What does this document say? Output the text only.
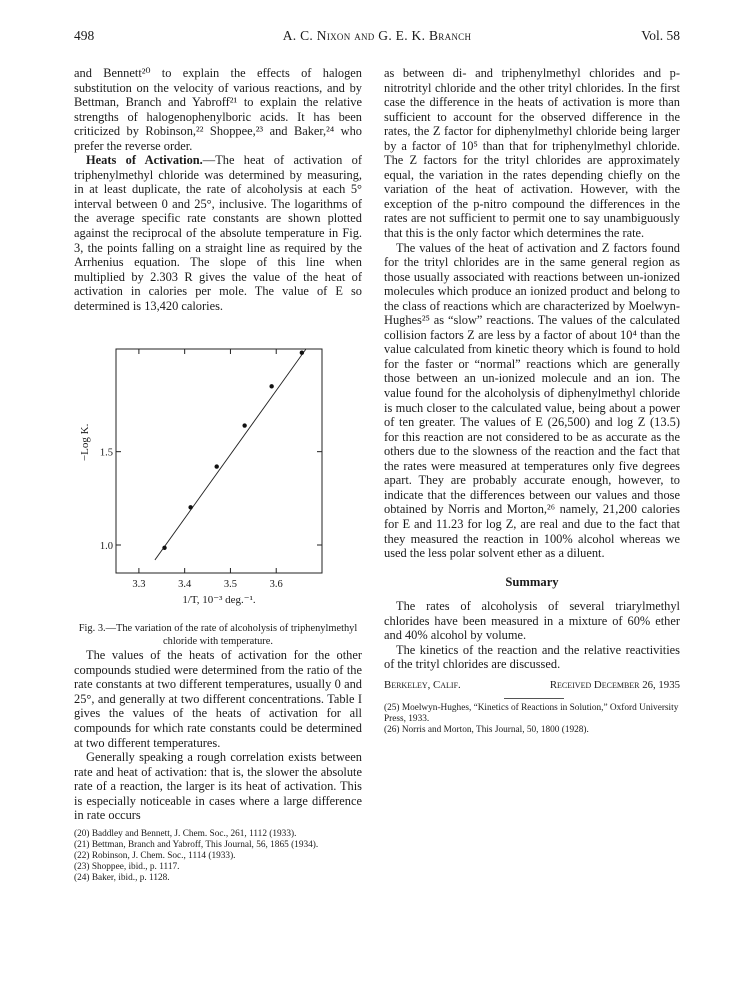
498	A. C. Nixon and G. E. K. Branch	Vol. 58

and Bennett²⁰ to explain the effects of halogen substitution on the velocity of various reactions, and by Bettman, Branch and Yabroff²¹ to explain the relative strengths of halogenophenylboric acids. It has been criticized by Robinson,²² Shoppee,²³ and Baker,²⁴ who prefer the reverse order.

Heats of Activation.—The heat of activation of triphenylmethyl chloride was determined by measuring, in at least duplicate, the rate of alcoholysis at each 5° interval between 0 and 25°, inclusive. The logarithms of the average specific rate constants are shown plotted against the reciprocal of the absolute temperature in Fig. 3, the points falling on a straight line as required by the Arrhenius equation. The slope of this line when multiplied by 2.303 R gives the value of the heat of activation in calories per mole. The value of E so determined is 13,420 calories.

3.3	3.4	3.5	3.6
1.0
1.5
1/T, 10⁻³ deg.⁻¹.
−Log K.

Fig. 3.—The variation of the rate of alcoholysis of triphenylmethyl chloride with temperature.

The values of the heats of activation for the other compounds studied were determined from the ratio of the rate constants at two different temperatures, usually 0 and 25°, and generally at two different concentrations. Table I gives the values of the heats of activation for all compounds for which rate constants could be determined at two different temperatures.

Generally speaking a rough correlation exists between rate and heat of activation: that is, the slower the absolute rate of a reaction, the larger is its heat of activation. This is especially noticeable in cases where a large difference in rate occurs

(20) Baddley and Bennett, J. Chem. Soc., 261, 1112 (1933).
(21) Bettman, Branch and Yabroff, This Journal, 56, 1865 (1934).
(22) Robinson, J. Chem. Soc., 1114 (1933).
(23) Shoppee, ibid., p. 1117.
(24) Baker, ibid., p. 1128.

as between di- and triphenylmethyl chlorides and p-nitrotrityl chloride and the other trityl chlorides. In the first case the difference in the heats of activation is more than sufficient to account for the observed difference in the rates, the Z factor for diphenylmethyl chloride being larger by a factor of 10⁵ than that for triphenylmethyl chloride. The Z factors for the trityl chlorides are approximately equal, the variation in the rates depending chiefly on the variation of the heat of activation. However, with the exception of the p-nitro compound the differences in the rates are not sufficient to permit one to say unambiguously that this is the only factor which determines the rate.

The values of the heat of activation and Z factors found for the trityl chlorides are in the same general region as those usually associated with reactions between un-ionized molecules which produce an ionized product and belong to the class of reactions which are characterized by Moelwyn-Hughes²⁵ as “slow” reactions. The values of the calculated collision factors Z are less by a factor of about 10⁴ than the value calculated from kinetic theory which is found to hold for the faster or “normal” reactions which are generally those between an un-ionized molecule and an ion. The value found for the alcoholysis of diphenylmethyl chloride is much closer to the calculated value, being about a power of ten greater. The values of E (26,500) and log Z (13.5) for this reaction are not considered to be as accurate as the others due to the slowness of the reaction and the fact that the rates were measured at temperatures only five degrees apart. They are probably accurate enough, however, to indicate that the differences between our values and those obtained by Norris and Morton,²⁶ namely, 21,200 calories for E and 11.23 for log Z, are real and due to the fact that they measured the reaction in 100% alcohol whereas we used the less polar solvent ether as a diluent.

Summary

The rates of alcoholysis of several triarylmethyl chlorides have been measured in a mixture of 60% ether and 40% alcohol by volume.

The kinetics of the reaction and the relative reactivities of the trityl chlorides are discussed.

Berkeley, Calif.	Received December 26, 1935
(25) Moelwyn-Hughes, “Kinetics of Reactions in Solution,” Oxford University Press, 1933.
(26) Norris and Morton, This Journal, 50, 1800 (1928).
